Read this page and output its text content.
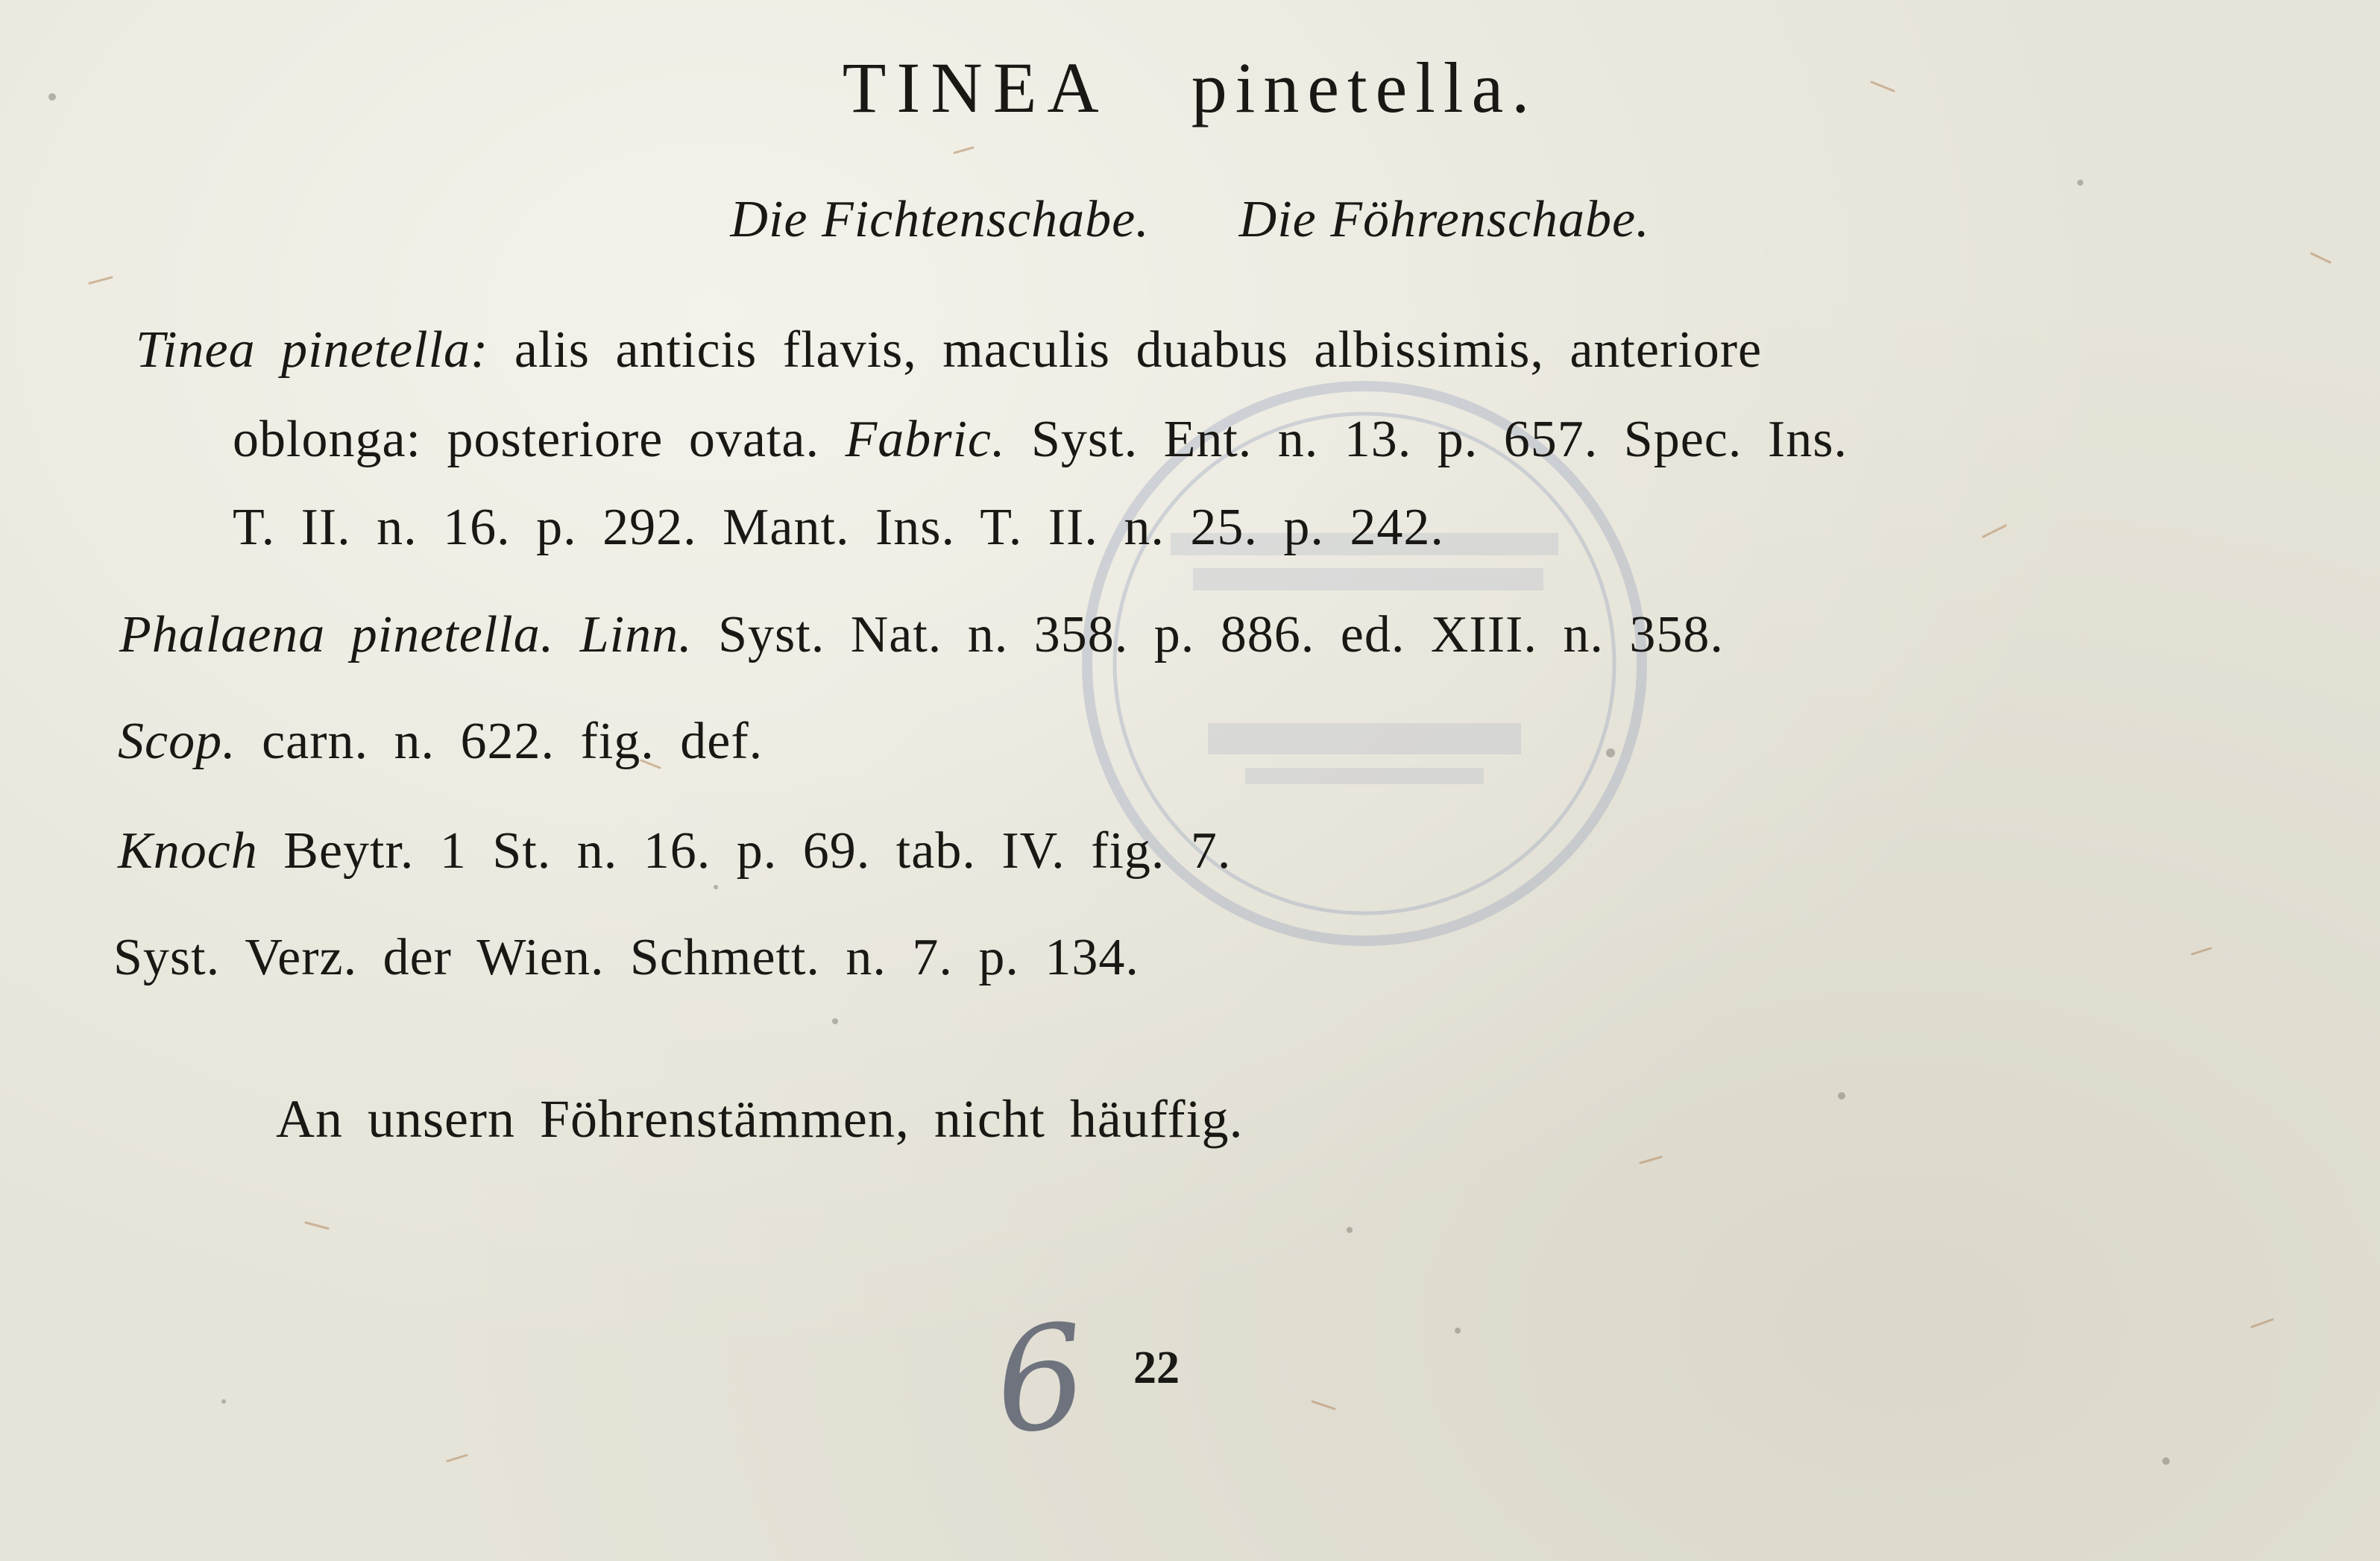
TINEA pinetella.
Die Fichtenschabe. Die Föhrenschabe.
Tinea pinetella: alis anticis flavis, maculis duabus albissimis, anteriore
oblonga: posteriore ovata. Fabric. Syst. Ent. n. 13. p. 657. Spec. Ins.
T. II. n. 16. p. 292. Mant. Ins. T. II. n. 25. p. 242.
Phalaena pinetella. Linn. Syst. Nat. n. 358. p. 886. ed. XIII. n. 358.
Scop. carn. n. 622. fig. def.
Knoch Beytr. 1 St. n. 16. p. 69. tab. IV. fig. 7.
Syst. Verz. der Wien. Schmett. n. 7. p. 134.
An unsern Föhrenstämmen, nicht häuffig.
6 22
